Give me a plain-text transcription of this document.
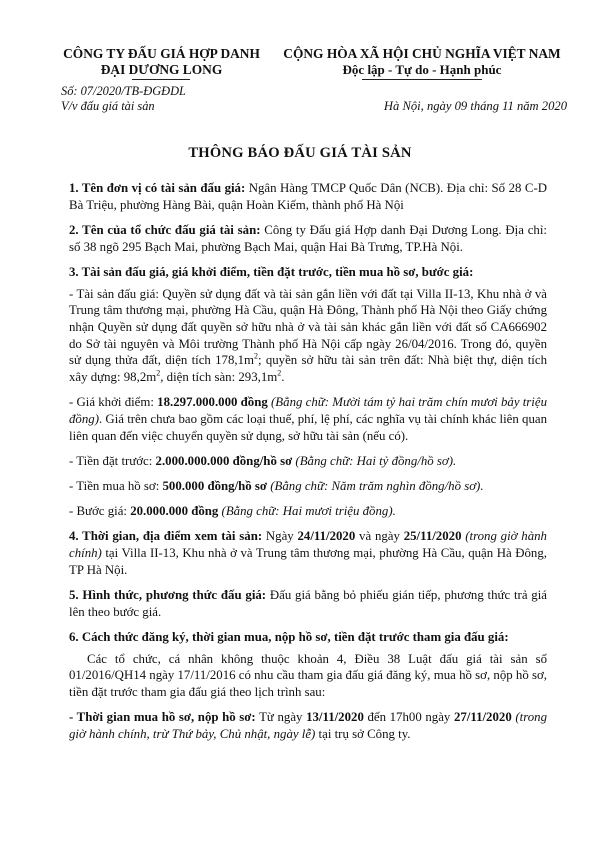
CÔNG TY ĐẤU GIÁ HỢP DANH
ĐẠI DƯƠNG LONG
Số: 07/2020/TB-ĐGĐDL
V/v đấu giá tài sản
CỘNG HÒA XÃ HỘI CHỦ NGHĨA VIỆT NAM
Độc lập - Tự do - Hạnh phúc
Hà Nội, ngày 09 tháng 11 năm 2020
THÔNG BÁO ĐẤU GIÁ TÀI SẢN

1. Tên đơn vị có tài sản đấu giá: Ngân Hàng TMCP Quốc Dân (NCB). Địa chỉ: Số 28 C-D Bà Triệu, phường Hàng Bài, quận Hoàn Kiếm, thành phố Hà Nội

2. Tên của tổ chức đấu giá tài sản: Công ty Đấu giá Hợp danh Đại Dương Long. Địa chỉ: số 38 ngõ 295 Bạch Mai, phường Bạch Mai, quận Hai Bà Trưng, TP.Hà Nội.

3. Tài sản đấu giá, giá khởi điểm, tiền đặt trước, tiền mua hồ sơ, bước giá:

- Tài sản đấu giá: Quyền sử dụng đất và tài sản gắn liền với đất tại Villa II-13, Khu nhà ở và Trung tâm thương mại, phường Hà Cầu, quận Hà Đông, Thành phố Hà Nội theo Giấy chứng nhận Quyền sử dụng đất quyền sở hữu nhà ở và tài sản khác gắn liền với đất số CA666902 do Sở tài nguyên và Môi trường Thành phố Hà Nội cấp ngày 26/04/2016. Trong đó, quyền sử dụng thửa đất, diện tích $178,1m^2$; quyền sở hữu tài sản trên đất: Nhà biệt thự, diện tích xây dựng: $98,2m^2$, diện tích sàn: $293,1m^2$.

- Giá khởi điểm: 18.297.000.000 đồng (Bằng chữ: Mười tám tỷ hai trăm chín mươi bảy triệu đồng). Giá trên chưa bao gồm các loại thuế, phí, lệ phí, các nghĩa vụ tài chính khác liên quan liên quan đến việc chuyển quyền sử dụng, sở hữu tài sản (nếu có).

- Tiền đặt trước: 2.000.000.000 đồng/hồ sơ (Bằng chữ: Hai tỷ đồng/hồ sơ).

- Tiền mua hồ sơ: 500.000 đồng/hồ sơ (Bằng chữ: Năm trăm nghìn đồng/hồ sơ).

- Bước giá: 20.000.000 đồng (Bằng chữ: Hai mươi triệu đồng).

4. Thời gian, địa điểm xem tài sản: Ngày 24/11/2020 và ngày 25/11/2020 (trong giờ hành chính) tại Villa II-13, Khu nhà ở và Trung tâm thương mại, phường Hà Cầu, quận Hà Đông, TP Hà Nội.

5. Hình thức, phương thức đấu giá: Đấu giá bằng bỏ phiếu gián tiếp, phương thức trả giá lên theo bước giá.

6. Cách thức đăng ký, thời gian mua, nộp hồ sơ, tiền đặt trước tham gia đấu giá:

Các tổ chức, cá nhân không thuộc khoản 4, Điều 38 Luật đấu giá tài sản số 01/2016/QH14 ngày 17/11/2016 có nhu cầu tham gia đấu giá đăng ký, mua hồ sơ, nộp hồ sơ, tiền đặt trước tham gia đấu giá theo lịch trình sau:

- Thời gian mua hồ sơ, nộp hồ sơ: Từ ngày 13/11/2020 đến 17h00 ngày 27/11/2020 (trong giờ hành chính, trừ Thứ bảy, Chủ nhật, ngày lễ) tại trụ sở Công ty.
